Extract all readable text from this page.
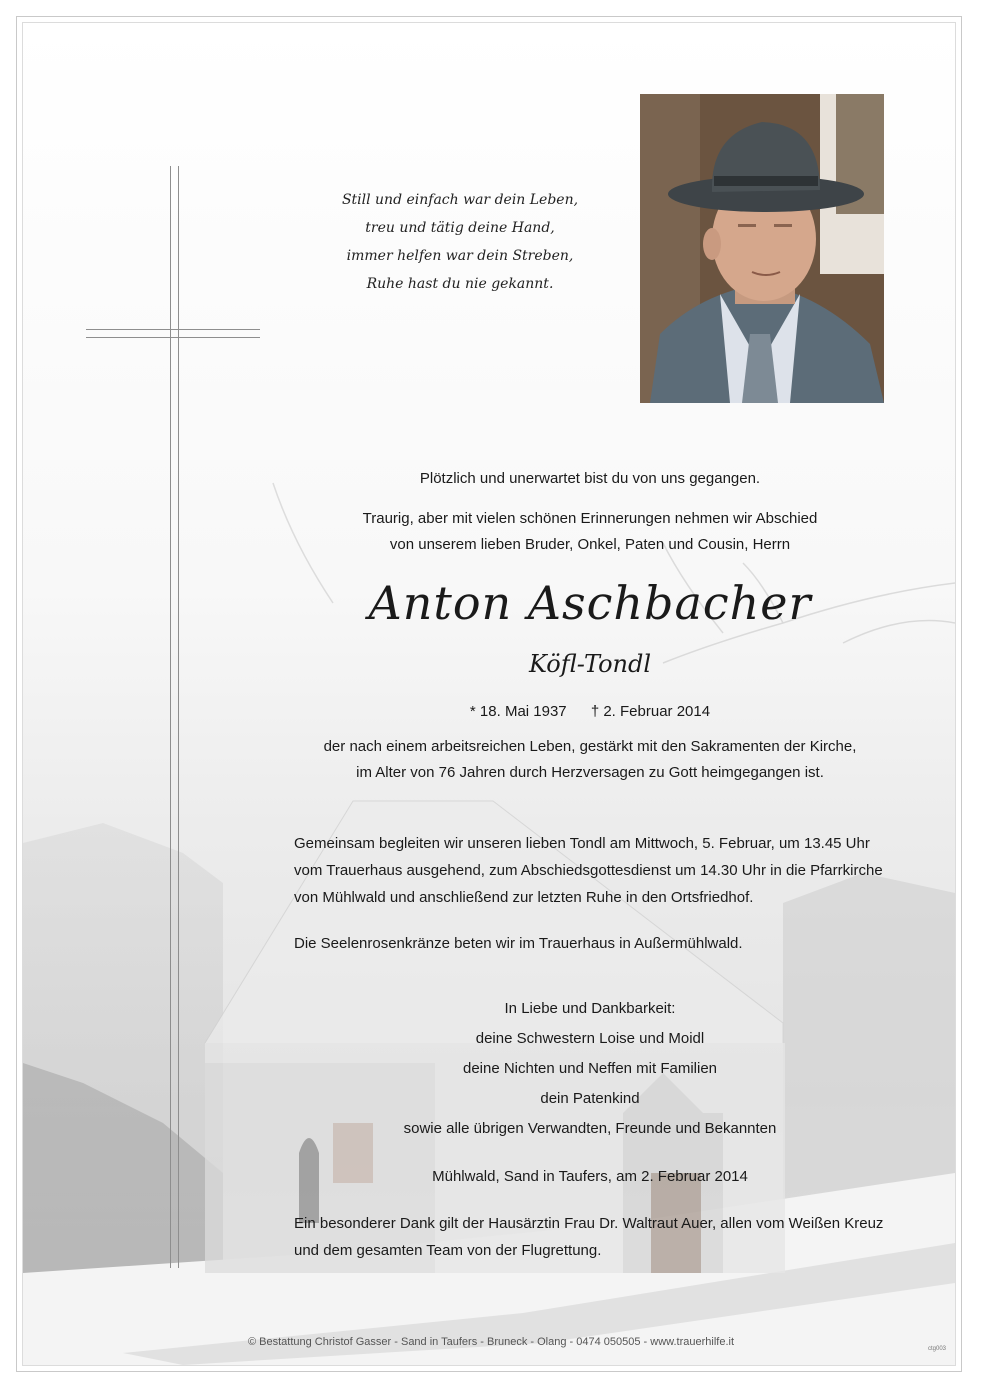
Still und einfach war dein Leben,
treu und tätig deine Hand,
immer helfen war dein Streben,
Ruhe hast du nie gekannt.
Plötzlich und unerwartet bist du von uns gegangen.
Traurig, aber mit vielen schönen Erinnerungen nehmen wir Abschied
von unserem lieben Bruder, Onkel, Paten und Cousin, Herrn
Anton Aschbacher
Köfl-Tondl
* 18. Mai 1937 † 2. Februar 2014
der nach einem arbeitsreichen Leben, gestärkt mit den Sakramenten der Kirche,
im Alter von 76 Jahren durch Herzversagen zu Gott heimgegangen ist.
Gemeinsam begleiten wir unseren lieben Tondl am Mittwoch, 5. Februar, um 13.45 Uhr
vom Trauerhaus ausgehend, zum Abschiedsgottesdienst um 14.30 Uhr in die Pfarrkirche
von Mühlwald und anschließend zur letzten Ruhe in den Ortsfriedhof.
Die Seelenrosenkränze beten wir im Trauerhaus in Außermühlwald.
In Liebe und Dankbarkeit:
deine Schwestern Loise und Moidl
deine Nichten und Neffen mit Familien
dein Patenkind
sowie alle übrigen Verwandten, Freunde und Bekannten
Mühlwald, Sand in Taufers, am 2. Februar 2014
Ein besonderer Dank gilt der Hausärztin Frau Dr. Waltraut Auer, allen vom Weißen Kreuz
und dem gesamten Team von der Flugrettung.
© Bestattung Christof Gasser - Sand in Taufers - Bruneck - Olang - 0474 050505 - www.trauerhilfe.it
ctg003
